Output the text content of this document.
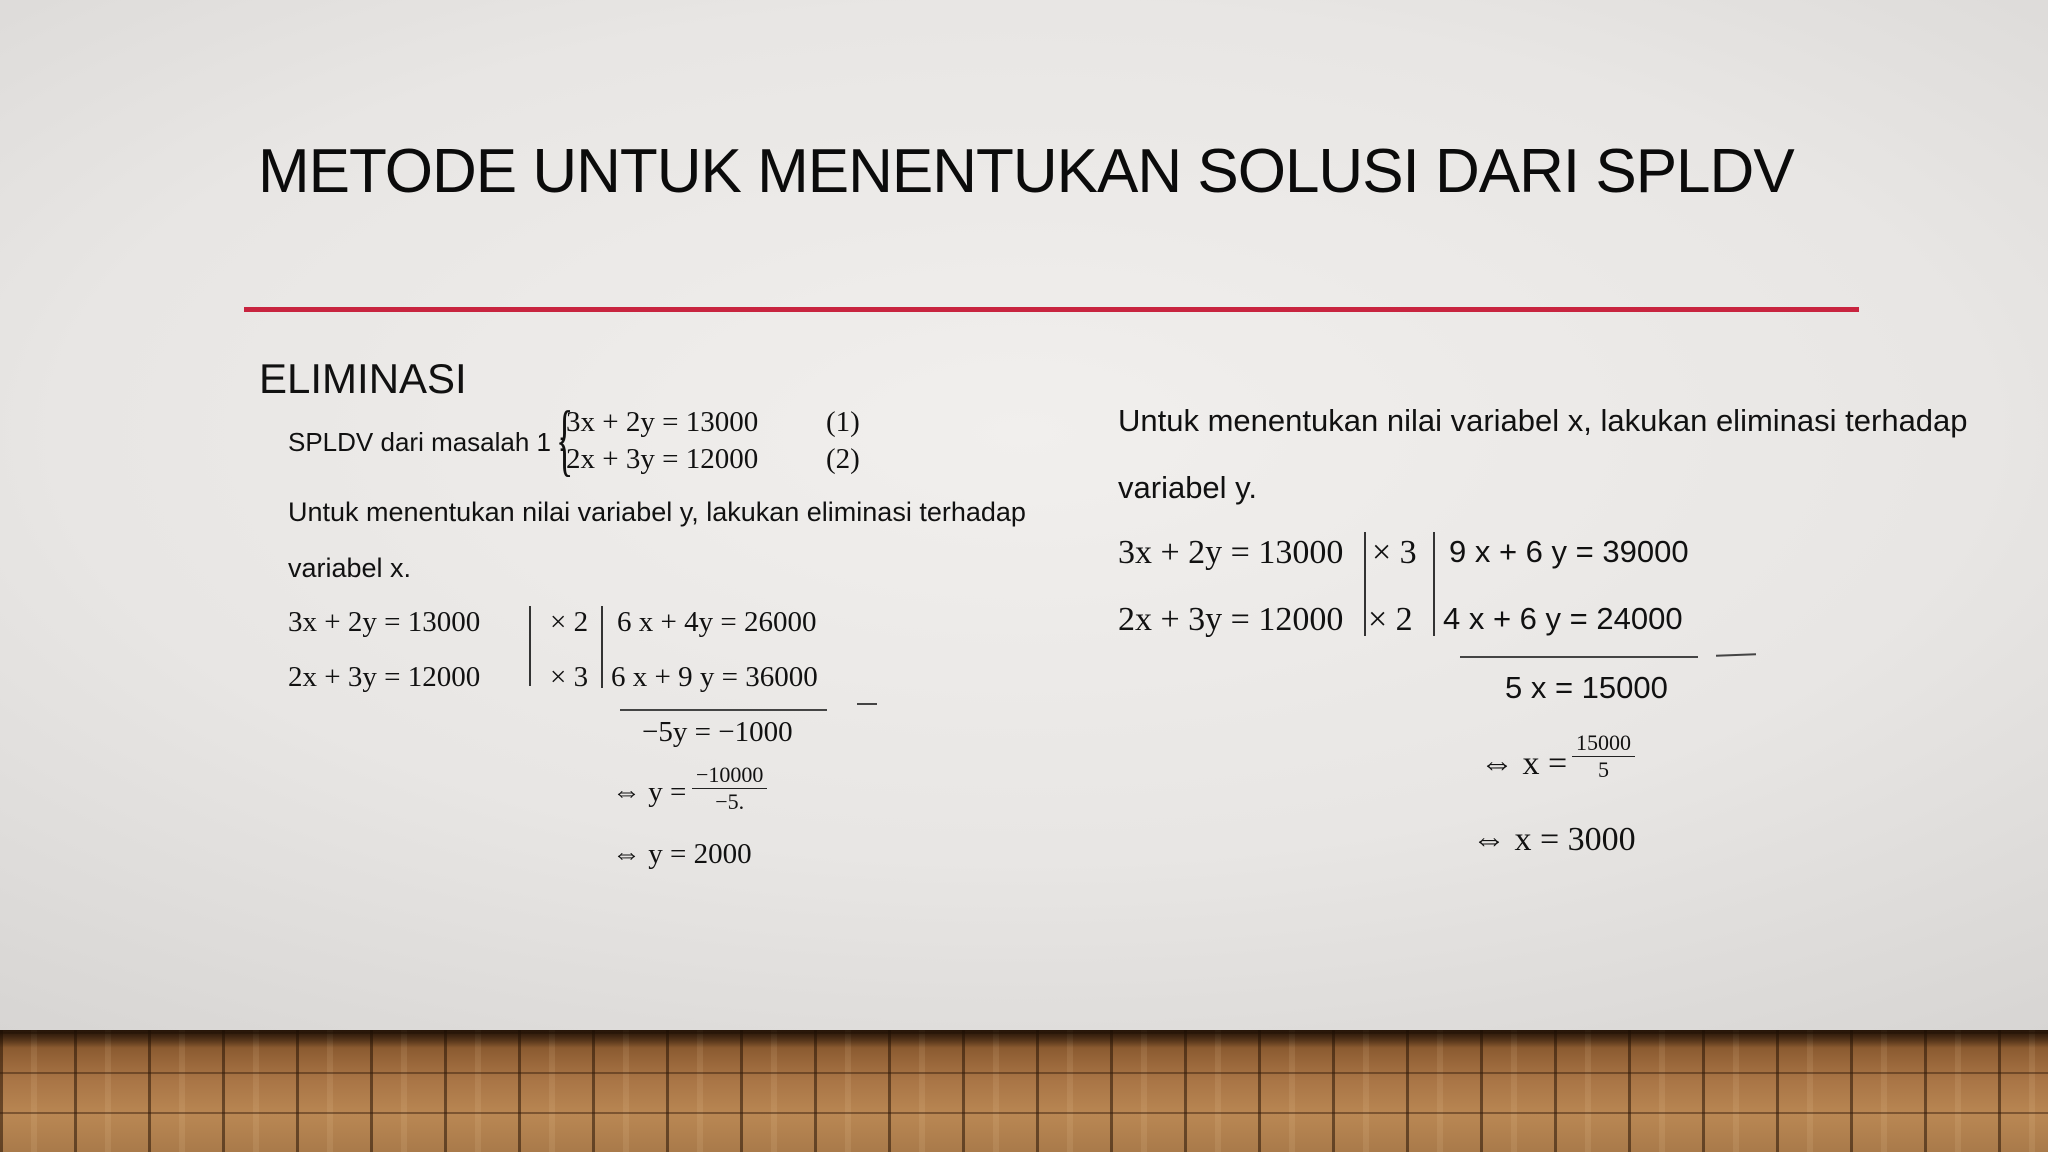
METODE UNTUK MENENTUKAN SOLUSI DARI SPLDV
ELIMINASI
SPLDV dari masalah 1 :
{
3x + 2y = 13000 (1)
2x + 3y = 12000 (2)
Untuk menentukan nilai variabel y, lakukan eliminasi terhadap
variabel x.
3x + 2y = 13000
2x + 3y = 12000
× 2
× 3
6 x + 4y = 26000
6 x + 9 y = 36000
−5y = −1000
⇔ $y = \frac{-10000}{-5.}$
⇔ y = 2000
Untuk menentukan nilai variabel x, lakukan eliminasi terhadap
variabel y.
3x + 2y = 13000
2x + 3y = 12000
× 3
× 2
9 x + 6 y = 39000
4 x + 6 y = 24000
5 x = 15000
⇔ $x = \frac{15000}{5}$
⇔ x = 3000
